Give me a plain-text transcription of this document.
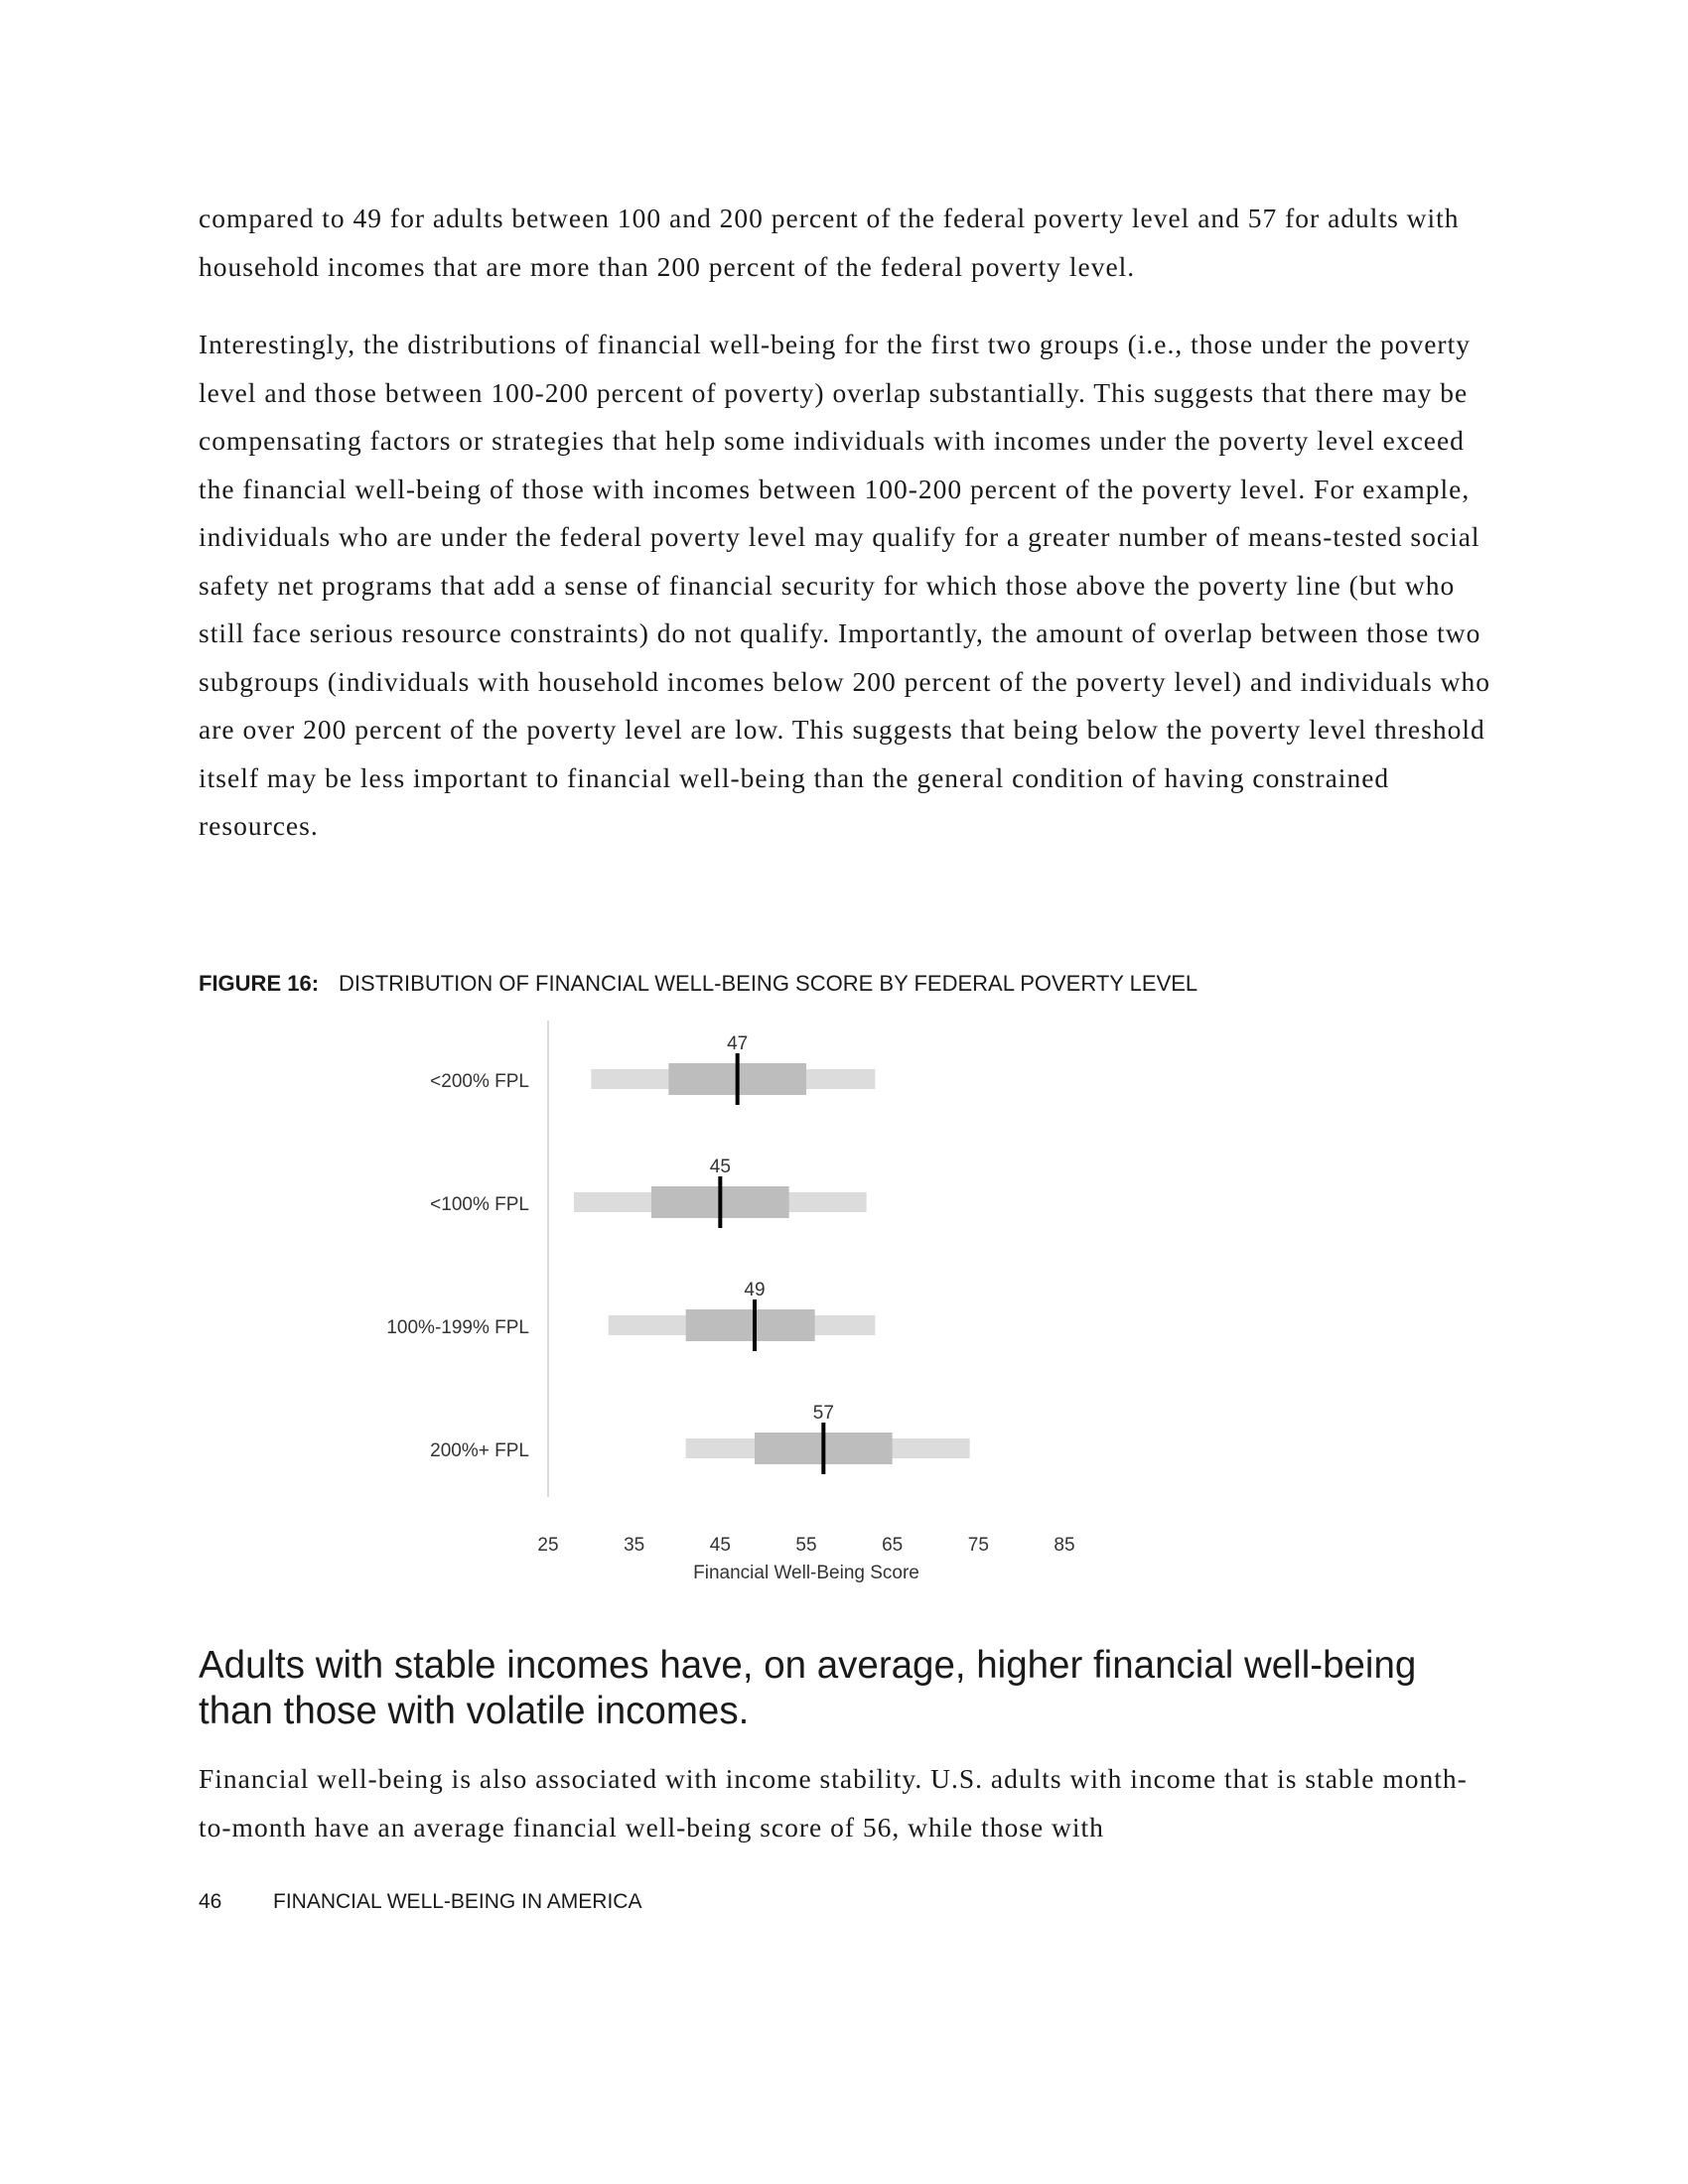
compared to 49 for adults between 100 and 200 percent of the federal poverty level and 57 for adults with household incomes that are more than 200 percent of the federal poverty level.

Interestingly, the distributions of financial well-being for the first two groups (i.e., those under the poverty level and those between 100-200 percent of poverty) overlap substantially. This suggests that there may be compensating factors or strategies that help some individuals with incomes under the poverty level exceed the financial well-being of those with incomes between 100-200 percent of the poverty level. For example, individuals who are under the federal poverty level may qualify for a greater number of means-tested social safety net programs that add a sense of financial security for which those above the poverty line (but who still face serious resource constraints) do not qualify. Importantly, the amount of overlap between those two subgroups (individuals with household incomes below 200 percent of the poverty level) and individuals who are over 200 percent of the poverty level are low. This suggests that being below the poverty level threshold itself may be less important to financial well-being than the general condition of having constrained resources.

FIGURE 16: DISTRIBUTION OF FINANCIAL WELL-BEING SCORE BY FEDERAL POVERTY LEVEL
<200% FPL
47
<100% FPL
45
100%-199% FPL
49
200%+ FPL
57
25	35	45	55	65	75	85
Financial Well-Being Score
Adults with stable incomes have, on average, higher financial well-being than those with volatile incomes.

Financial well-being is also associated with income stability. U.S. adults with income that is stable month-to-month have an average financial well-being score of 56, while those with

46 FINANCIAL WELL-BEING IN AMERICA
